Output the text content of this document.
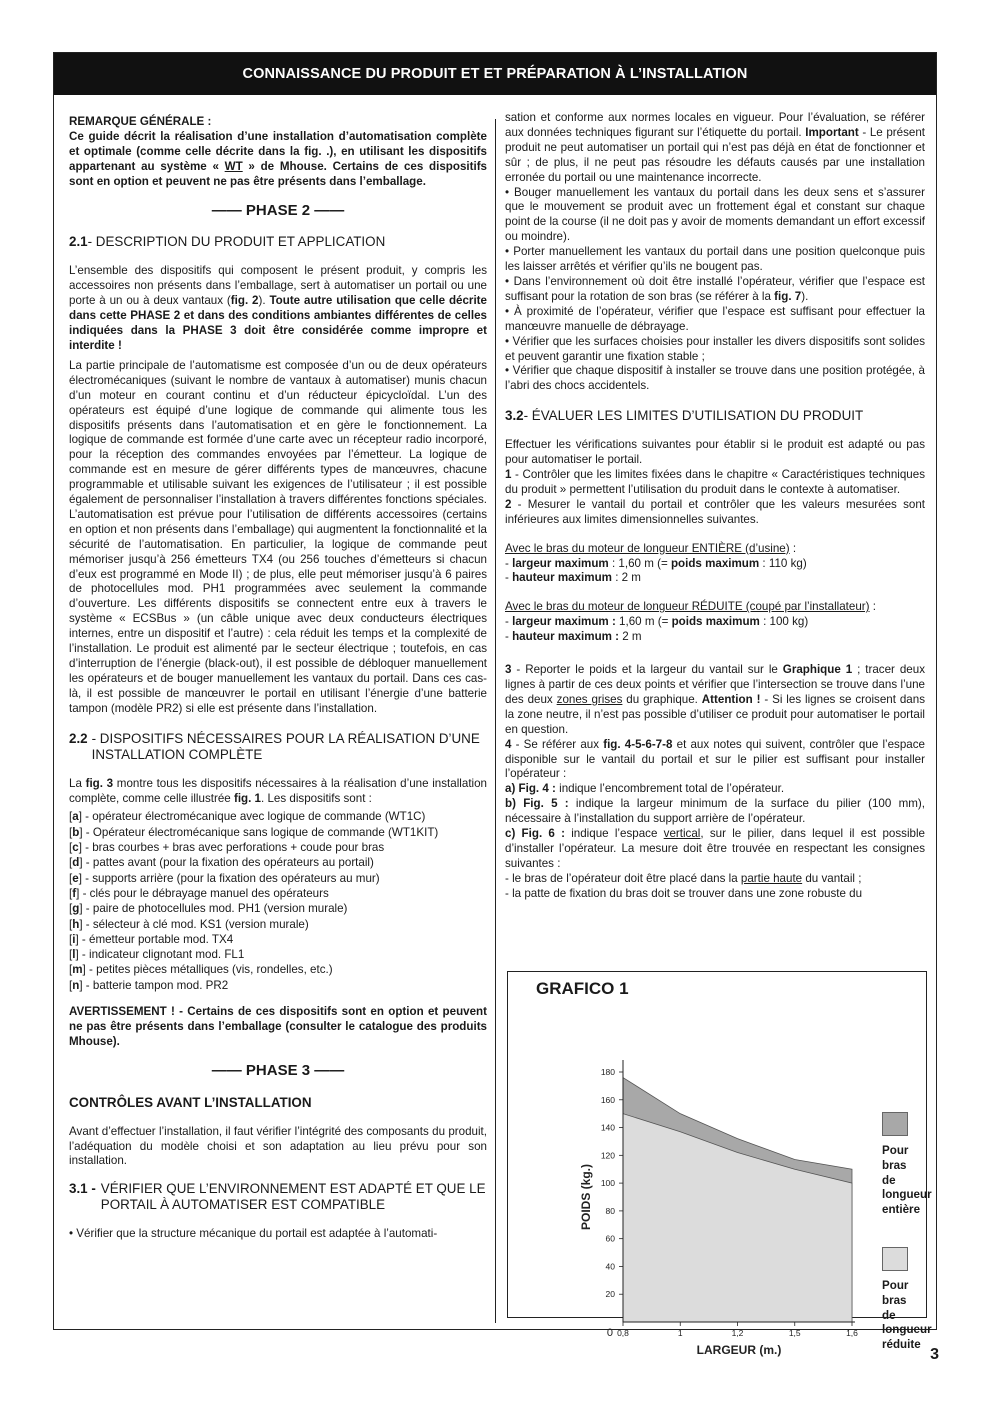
CONNAISSANCE DU PRODUIT ET ET PRÉPARATION À L’INSTALLATION

REMARQUE GÉNÉRALE :

Ce guide décrit la réalisation d’une installation d’automatisation complète et optimale (comme celle décrite dans la fig. .), en utilisant les dispositifs appartenant au système « WT » de Mhouse. Certains de ces dispositifs sont en option et peuvent ne pas être présents dans l’emballage.

—— PHASE 2 ——
2.1 - DESCRIPTION DU PRODUIT ET APPLICATION

L’ensemble des dispositifs qui composent le présent produit, y compris les accessoires non présents dans l’emballage, sert à automatiser un portail ou une porte à un ou à deux vantaux (fig. 2). Toute autre utilisation que celle décrite dans cette PHASE 2 et dans des conditions ambiantes différentes de celles indiquées dans la PHASE 3 doit être considérée comme impropre et interdite !

La partie principale de l’automatisme est composée d’un ou de deux opérateurs électromécaniques (suivant le nombre de vantaux à automatiser) munis chacun d’un moteur en courant continu et d’un réducteur épicycloïdal. L’un des opérateurs est équipé d’une logique de commande qui alimente tous les dispositifs présents dans l’automatisation et en gère le fonctionnement. La logique de commande est formée d’une carte avec un récepteur radio incorporé, pour la réception des commandes envoyées par l’émetteur. La logique de commande est en mesure de gérer différents types de manœuvres, chacune programmable et utilisable suivant les exigences de l’utilisateur ; il est possible également de personnaliser l’installation à travers différentes fonctions spéciales. L’automatisation est prévue pour l’utilisation de différents accessoires (certains en option et non présents dans l’emballage) qui augmentent la fonctionnalité et la sécurité de l’automatisation. En particulier, la logique de commande peut mémoriser jusqu’à 256 émetteurs TX4 (ou 256 touches d’émetteurs si chacun d’eux est programmé en Mode II) ; de plus, elle peut mémoriser jusqu’à 6 paires de photocellules mod. PH1 programmées avec seulement la commande d’ouverture. Les différents dispositifs se connectent entre eux à travers le système « ECSBus » (un câble unique avec deux conducteurs électriques internes, entre un dispositif et l’autre) : cela réduit les temps et la complexité de l’installation. Le produit est alimenté par le secteur électrique ; toutefois, en cas d’interruption de l’énergie (black-out), il est possible de débloquer manuellement les opérateurs et de bouger manuellement les vantaux du portail. Dans ces cas-là, il est possible de manœuvrer le portail en utilisant l’énergie d’une batterie tampon (modèle PR2) si elle est présente dans l’installation.

2.2 - DISPOSITIFS NÉCESSAIRES POUR LA RÉALISATION D’UNE INSTALLATION COMPLÈTE

La fig. 3 montre tous les dispositifs nécessaires à la réalisation d’une installation complète, comme celle illustrée fig. 1. Les dispositifs sont :

[a] - opérateur électromécanique avec logique de commande (WT1C)
[b] - Opérateur électromécanique sans logique de commande (WT1KIT)
[c] - bras courbes + bras avec perforations + coude pour bras
[d] - pattes avant (pour la fixation des opérateurs au portail)
[e] - supports arrière (pour la fixation des opérateurs au mur)
[f] - clés pour le débrayage manuel des opérateurs
[g] - paire de photocellules mod. PH1 (version murale)
[h] - sélecteur à clé mod. KS1 (version murale)
[i] - émetteur portable mod. TX4
[l] - indicateur clignotant mod. FL1
[m] - petites pièces métalliques (vis, rondelles, etc.)
[n] - batterie tampon mod. PR2

AVERTISSEMENT ! - Certains de ces dispositifs sont en option et peuvent ne pas être présents dans l’emballage (consulter le catalogue des produits Mhouse).

—— PHASE 3 ——
CONTRÔLES AVANT L’INSTALLATION

Avant d’effectuer l’installation, il faut vérifier l’intégrité des composants du produit, l’adéquation du modèle choisi et son adaptation au lieu prévu pour son installation.

3.1 - VÉRIFIER QUE L’ENVIRONNEMENT EST ADAPTÉ ET QUE LE PORTAIL À AUTOMATISER EST COMPATIBLE

• Vérifier que la structure mécanique du portail est adaptée à l’automati-

sation et conforme aux normes locales en vigueur. Pour l’évaluation, se référer aux données techniques figurant sur l’étiquette du portail. Important - Le présent produit ne peut automatiser un portail qui n’est pas déjà en état de fonctionner et sûr ; de plus, il ne peut pas résoudre les défauts causés par une installation erronée du portail ou une maintenance incorrecte.

• Bouger manuellement les vantaux du portail dans les deux sens et s’assurer que le mouvement se produit avec un frottement égal et constant sur chaque point de la course (il ne doit pas y avoir de moments demandant un effort excessif ou moindre).

• Porter manuellement les vantaux du portail dans une position quelconque puis les laisser arrêtés et vérifier qu’ils ne bougent pas.

• Dans l’environnement où doit être installé l’opérateur, vérifier que l’espace est suffisant pour la rotation de son bras (se référer à la fig. 7).

• À proximité de l’opérateur, vérifier que l’espace est suffisant pour effectuer la manœuvre manuelle de débrayage.

• Vérifier que les surfaces choisies pour installer les divers dispositifs sont solides et peuvent garantir une fixation stable ;

• Vérifier que chaque dispositif à installer se trouve dans une position protégée, à l’abri des chocs accidentels.

3.2 - ÉVALUER LES LIMITES D’UTILISATION DU PRODUIT

Effectuer les vérifications suivantes pour établir si le produit est adapté ou pas pour automatiser le portail.

1 - Contrôler que les limites fixées dans le chapitre « Caractéristiques techniques du produit » permettent l’utilisation du produit dans le contexte à automatiser.

2 - Mesurer le vantail du portail et contrôler que les valeurs mesurées sont inférieures aux limites dimensionnelles suivantes.

Avec le bras du moteur de longueur ENTIÈRE (d’usine) :

- largeur maximum : 1,60 m (= poids maximum : 110 kg)

- hauteur maximum : 2 m

Avec le bras du moteur de longueur RÉDUITE (coupé par l’installateur) :

- largeur maximum : 1,60 m (= poids maximum : 100 kg)

- hauteur maximum : 2 m

3 - Reporter le poids et la largeur du vantail sur le Graphique 1 ; tracer deux lignes à partir de ces deux points et vérifier que l’intersection se trouve dans l’une des deux zones grises du graphique. Attention ! - Si les lignes se croisent dans la zone neutre, il n’est pas possible d’utiliser ce produit pour automatiser le portail en question.

4 - Se référer aux fig. 4-5-6-7-8 et aux notes qui suivent, contrôler que l’espace disponible sur le vantail du portail et sur le pilier est suffisant pour installer l’opérateur :

a) Fig. 4 : indique l’encombrement total de l’opérateur.

b) Fig. 5 : indique la largeur minimum de la surface du pilier (100 mm), nécessaire à l’installation du support arrière de l’opérateur.

c) Fig. 6 : indique l’espace vertical, sur le pilier, dans lequel il est possible d’installer l’opérateur. La mesure doit être trouvée en respectant les consignes suivantes :

- le bras de l’opérateur doit être placé dans la partie haute du vantail ;

- la patte de fixation du bras doit se trouver dans une zone robuste du

20
40
60
80
100
120
140
160
180
0,8	1	1,2	1,5	1,6
0
LARGEUR (m.)
POIDS (kg.)
GRAFICO 1
Pour bras
de longueur
entière
Pour bras
de longueur
réduite
3
